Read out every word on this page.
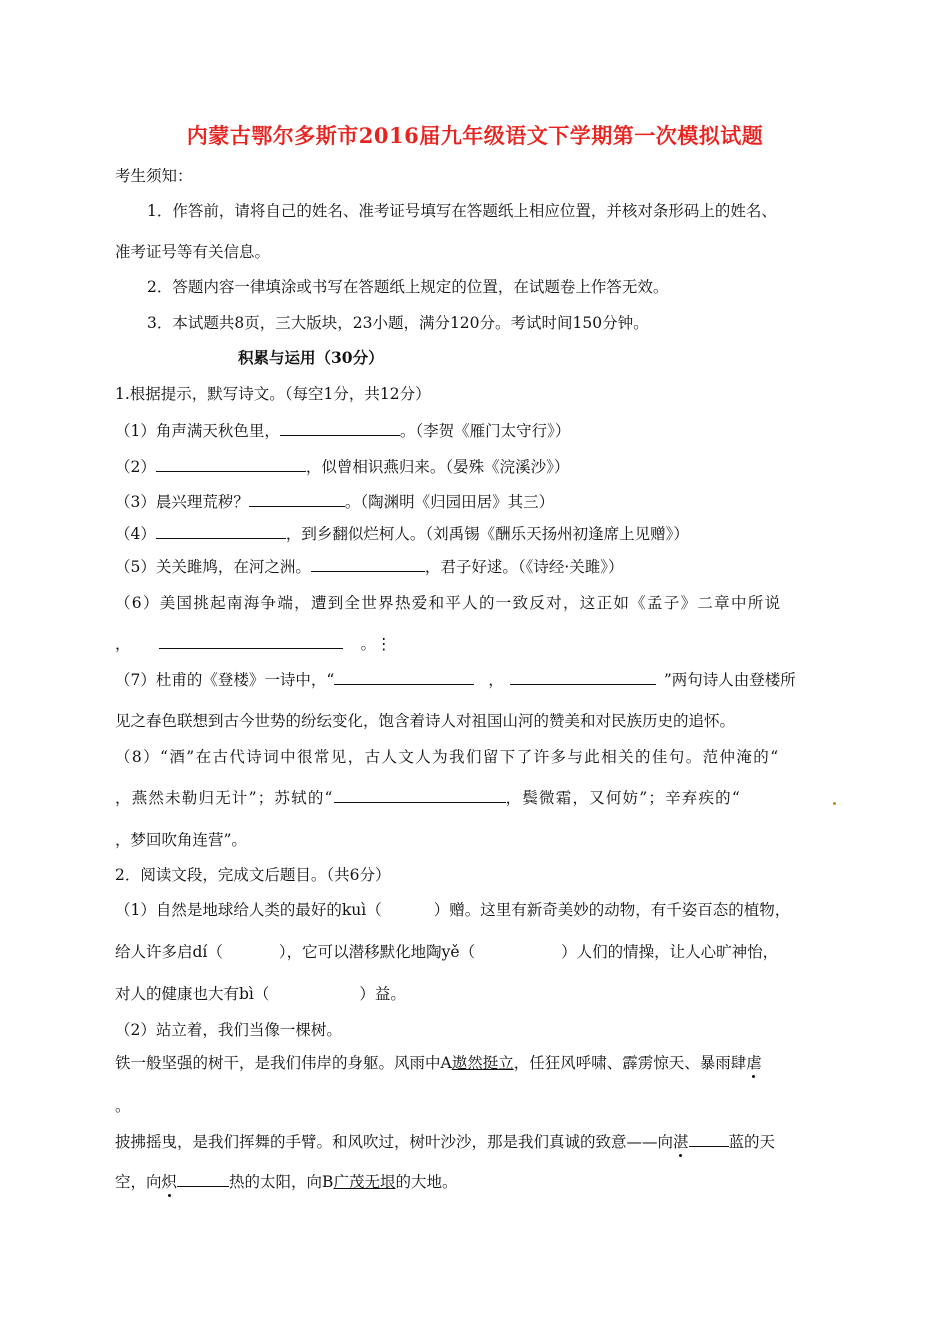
内蒙古鄂尔多斯市2016届九年级语文下学期第一次模拟试题
考生须知：
1．作答前，请将自己的姓名、准考证号填写在答题纸上相应位置，并核对条形码上的姓名、
准考证号等有关信息。
2．答题内容一律填涂或书写在答题纸上规定的位置，在试题卷上作答无效。
3．本试题共8页，三大版块，23小题，满分120分。考试时间150分钟。
积累与运用（30分）
1.根据提示，默写诗文。（每空1分，共12分）
（1）角声满天秋色里，	。（李贺《雁门太守行》）
（2）	，似曾相识燕归来。（晏殊《浣溪沙》）
（3）晨兴理荒秽？	。（陶渊明《归园田居》其三）
（4）	，到乡翻似烂柯人。（刘禹锡《酬乐天扬州初逢席上见赠》）
（5）关关雎鸠，在河之洲。	，君子好逑。（《诗经·关雎》）
（6）美国挑起南海争端，遭到全世界热爱和平人的一致反对，这正如《孟子》二章中所说
，	。⋮
（7）杜甫的《登楼》一诗中，“	，	”两句诗人由登楼所
见之春色联想到古今世势的纷纭变化，饱含着诗人对祖国山河的赞美和对民族历史的追怀。
（8）“酒”在古代诗词中很常见，古人文人为我们留下了许多与此相关的佳句。范仲淹的“
，燕然未勒归无计”；苏轼的“	，鬓微霜，又何妨”；辛弃疾的“
，梦回吹角连营”。
2．阅读文段，完成文后题目。（共6分）
（1）自然是地球给人类的最好的kuì（	）赠。这里有新奇美妙的动物，有千姿百态的植物，
给人许多启dí（	），它可以潜移默化地陶yě（	）人们的情操，让人心旷神怡，
对人的健康也大有bì（	）益。
（2）站立着，我们当像一棵树。
铁一般坚强的树干，是我们伟岸的身躯。风雨中A遨然挺立，任狂风呼啸、霹雳惊天、暴雨肆虐
。
披拂摇曳，是我们挥舞的手臂。和风吹过，树叶沙沙，那是我们真诚的致意——向湛	蓝的天
空，向炽	热的太阳，向B广茂无垠的大地。
